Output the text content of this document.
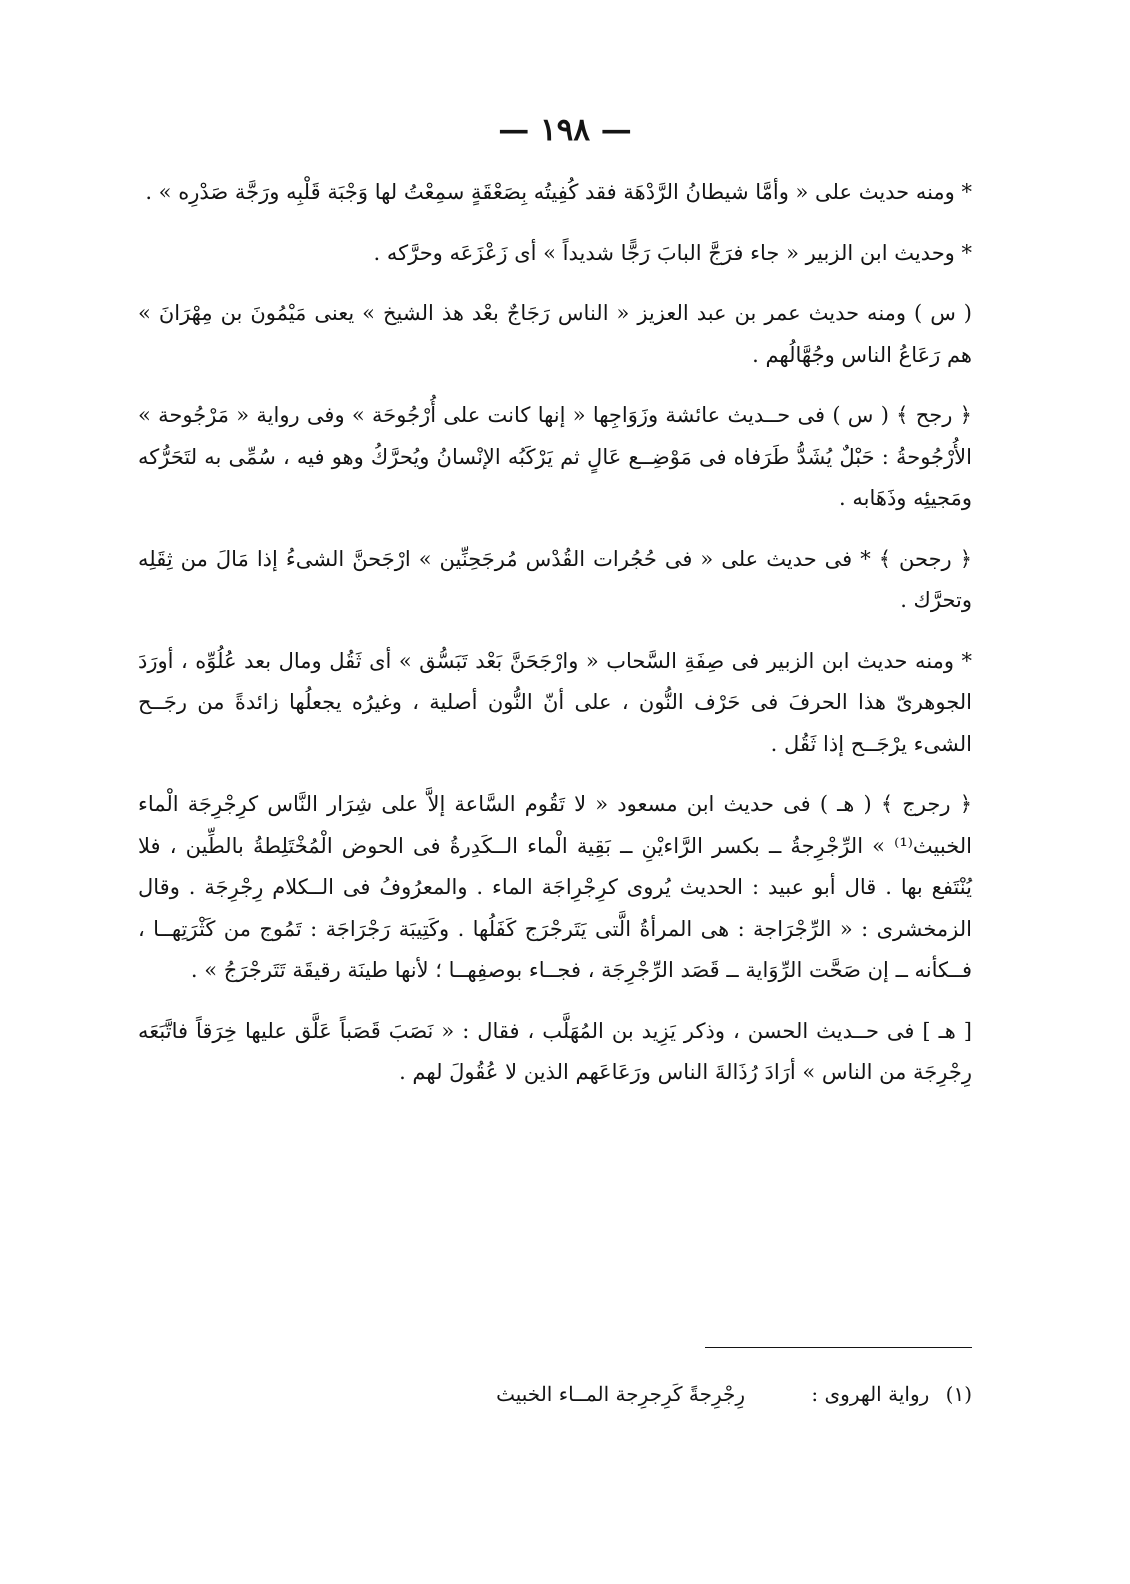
— ١٩٨ —

* ومنه حديث على « وأمَّا شيطانُ الرَّدْهَة فقد كُفِيتُه بِصَعْقَةٍ سمِعْتُ لها وَجْبَة قَلْبِه ورَجَّة صَدْرِه » .

* وحديث ابن الزبير « جاء فرَجَّ البابَ رَجًّا شديداً » أى زَعْزَعَه وحرَّكه .

( س ) ومنه حديث عمر بن عبد العزيز « الناس رَجَاجٌ بعْد هذ الشيخ » يعنى مَيْمُونَ بن مِهْرَانَ » هم رَعَاعُ الناس وجُهَّالُهم .

﴿ رجح ﴾ ( س ) فى حــديث عائشة وزَوَاجِها « إنها كانت على أُرْجُوحَة » وفى رواية « مَرْجُوحة » الأُرْجُوحةُ : حَبْلٌ يُشَدُّ طَرَفاه فى مَوْضِــع عَالٍ ثم يَرْكَبُه الإنْسانُ ويُحرَّكُ وهو فيه ، سُمِّى به لتَحَرُّكه ومَجيئِه وذَهَابه .

﴿ رجحن ﴾ * فى حديث على « فى حُجُرات القُدْس مُرجَحِنِّين » ارْجَحنَّ الشىءُ إذا مَالَ من ثِقَلِه وتحرَّك .

* ومنه حديث ابن الزبير فى صِفَةِ السَّحاب « وارْجَحَنَّ بَعْد تَبَسُّق » أى ثَقُل ومال بعد عُلُوِّه ، أورَدَ الجوهرىّ هذا الحرفَ فى حَرْف النُّون ، على أنّ النُّون أصلية ، وغيرُه يجعلُها زائدةً من رجَــح الشىء يرْجَــح إذا ثَقُل .

﴿ رجرج ﴾ ( هـ ) فى حديث ابن مسعود « لا تَقُوم السَّاعة إلاَّ على شِرَار النَّاس كرِجْرِجَة الْماء الخبيث⁽¹⁾ » الرِّجْرِجةُ ــ بكسر الرَّاءيْنِ ــ بَقِية الْماء الــكَدِرةُ فى الحوض الْمُخْتَلِطةُ بالطِّين ، فلا يُنْتَفع بها . قال أبو عبيد : الحديث يُروى كرِجْرِاجَة الماء . والمعرُوفُ فى الــكلام رِجْرِجَة . وقال الزمخشرى : « الرِّجْرَاجة : هى المرأةُ الَّتى يَتَرجْرَج كَفَلُها . وكَتِيبَة رَجْرَاجَة : تَمُوج من كَثْرَتِهــا ، فــكأنه ــ إن صَحَّت الرِّوَاية ــ قَصَد الرِّجْرِجَة ، فجــاء بوصفِهــا ؛ لأنها طينَة رقيقَة تَتَرجْرَجُ » .

[ هـ ] فى حــديث الحسن ، وذكر يَزِيد بن المُهَلَّب ، فقال : « نَصَبَ قَصَباً عَلَّق عليها خِرَقاً فاتَّبَعَه رِجْرِجَة من الناس » أرَادَ رُذَالةَ الناس ورَعَاعَهم الذين لا عُقُولَ لهم .

(١) رواية الهروى : رِجْرِجةً كَرِجرِجة المــاء الخبيث
